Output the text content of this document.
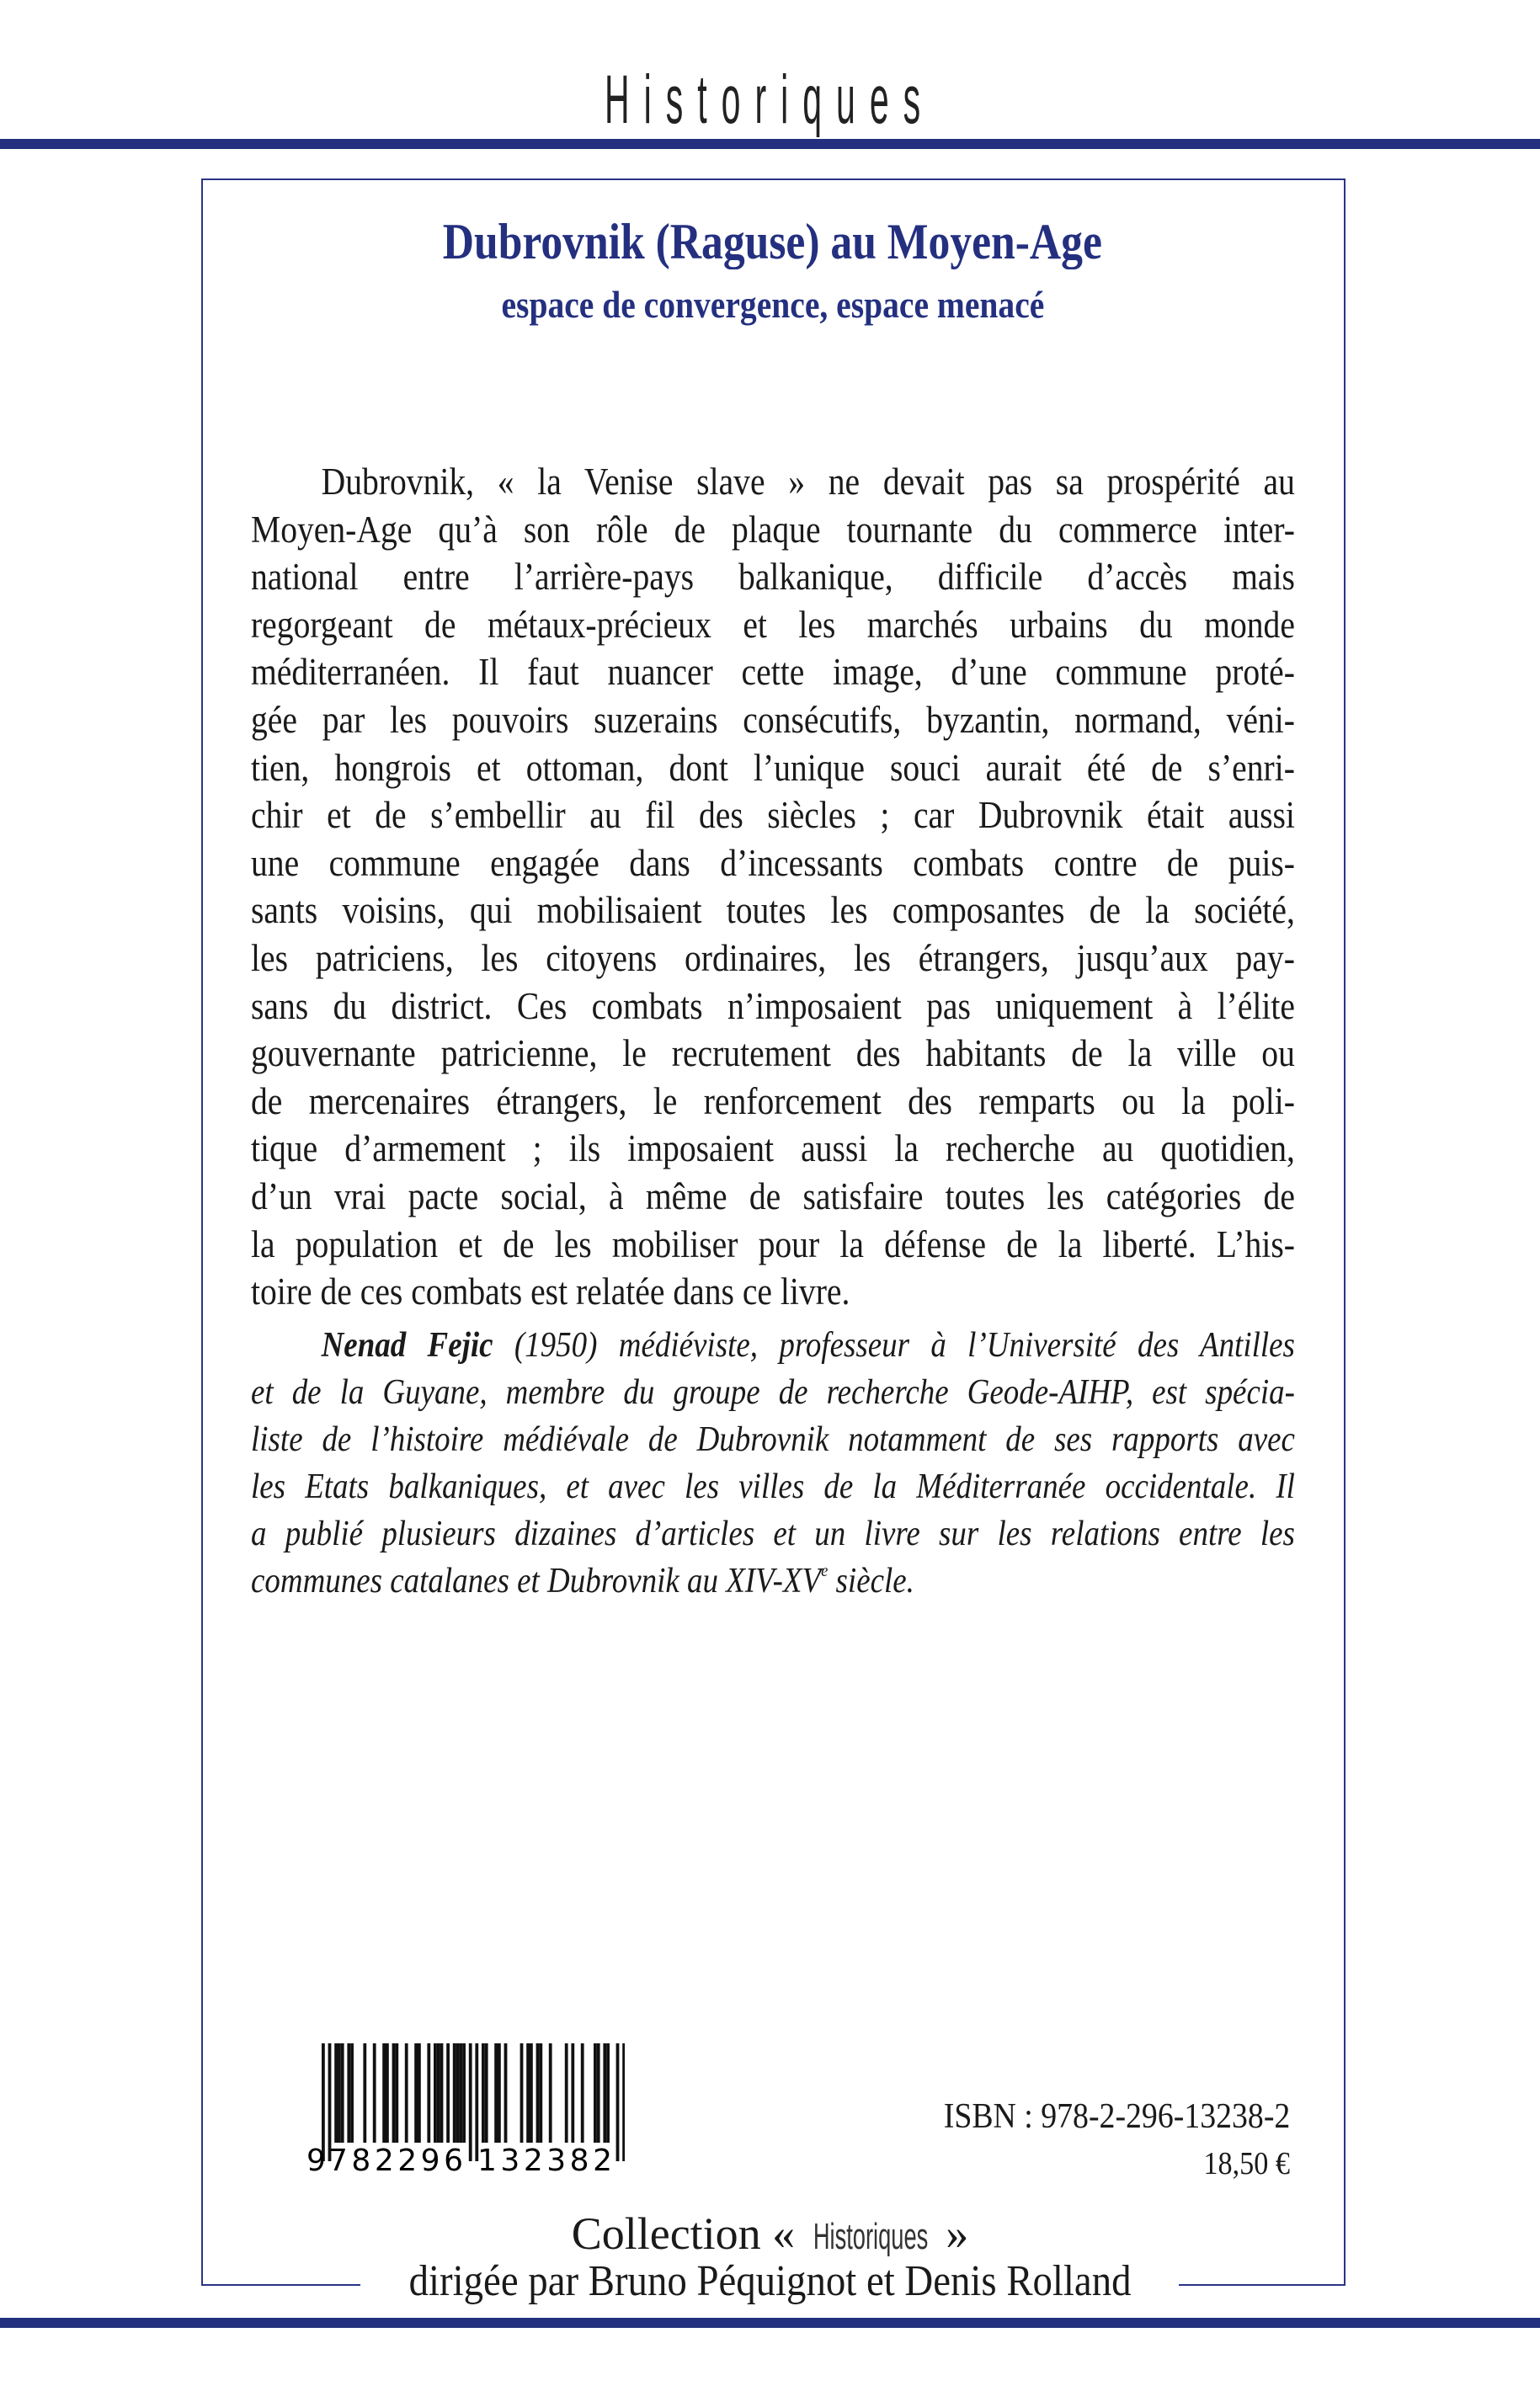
Historiques
Dubrovnik (Raguse) au Moyen-Age
espace de convergence, espace menacé
Dubrovnik, « la Venise slave » ne devait pas sa prospérité au
Moyen-Age qu’à son rôle de plaque tournante du commerce inter-
national entre l’arrière-pays balkanique, difficile d’accès mais
regorgeant de métaux-précieux et les marchés urbains du monde
méditerranéen. Il faut nuancer cette image, d’une commune proté-
gée par les pouvoirs suzerains consécutifs, byzantin, normand, véni-
tien, hongrois et ottoman, dont l’unique souci aurait été de s’enri-
chir et de s’embellir au fil des siècles ; car Dubrovnik était aussi
une commune engagée dans d’incessants combats contre de puis-
sants voisins, qui mobilisaient toutes les composantes de la société,
les patriciens, les citoyens ordinaires, les étrangers, jusqu’aux pay-
sans du district. Ces combats n’imposaient pas uniquement à l’élite
gouvernante patricienne, le recrutement des habitants de la ville ou
de mercenaires étrangers, le renforcement des remparts ou la poli-
tique d’armement ; ils imposaient aussi la recherche au quotidien,
d’un vrai pacte social, à même de satisfaire toutes les catégories de
la population et de les mobiliser pour la défense de la liberté. L’his-
toire de ces combats est relatée dans ce livre.
Nenad Fejic (1950) médiéviste, professeur à l’Université des Antilles
et de la Guyane, membre du groupe de recherche Geode-AIHP, est spécia-
liste de l’histoire médiévale de Dubrovnik notamment de ses rapports avec
les Etats balkaniques, et avec les villes de la Méditerranée occidentale. Il
a publié plusieurs dizaines d’articles et un livre sur les relations entre les
communes catalanes et Dubrovnik au XIV-XVe siècle.
9 782296 132382
ISBN : 978-2-296-13238-2
18,50 €
Collection « Historiques »
dirigée par Bruno Péquignot et Denis Rolland
